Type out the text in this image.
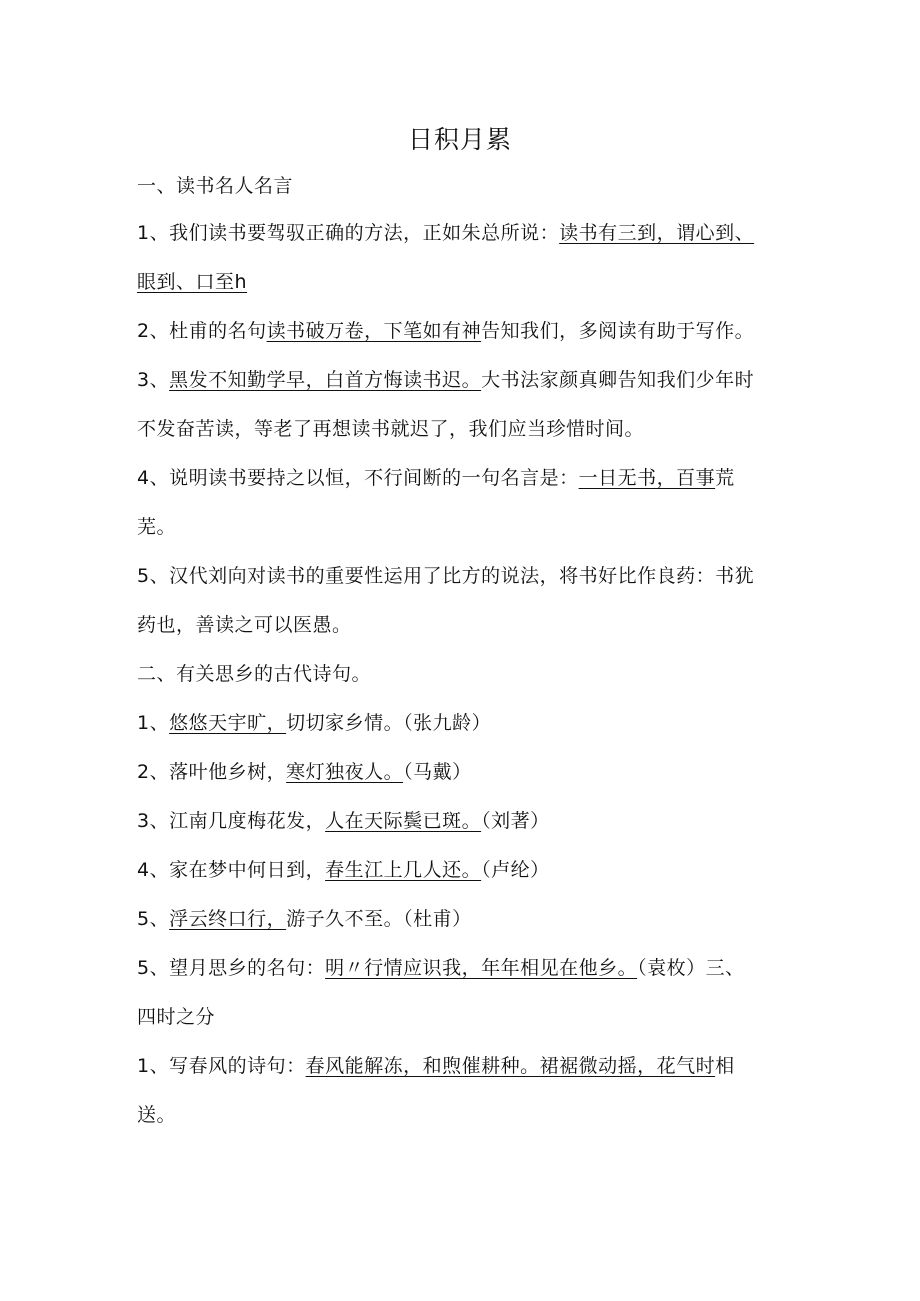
日积月累
一、读书名人名言
1、我们读书要驾驭正确的方法，正如朱总所说：读书有三到，谓心到、
眼到、口至h
2、杜甫的名句读书破万卷，下笔如有神告知我们，多阅读有助于写作。
3、黑发不知勤学早，白首方悔读书迟。大书法家颜真卿告知我们少年时
不发奋苦读，等老了再想读书就迟了，我们应当珍惜时间。
4、说明读书要持之以恒，不行间断的一句名言是：一日无书，百事荒
芜。
5、汉代刘向对读书的重要性运用了比方的说法，将书好比作良药：书犹
药也，善读之可以医愚。
二、有关思乡的古代诗句。
1、悠悠天宇旷，切切家乡情。（张九龄）
2、落叶他乡树，寒灯独夜人。（马戴）
3、江南几度梅花发，人在天际鬓已斑。（刘著）
4、家在梦中何日到，春生江上几人还。（卢纶）
5、浮云终口行，游子久不至。（杜甫）
5、望月思乡的名句：明〃行情应识我，年年相见在他乡。（袁枚）三、
四时之分
1、写春风的诗句：春风能解冻，和煦催耕种。裙裾微动摇，花气时相
送。
